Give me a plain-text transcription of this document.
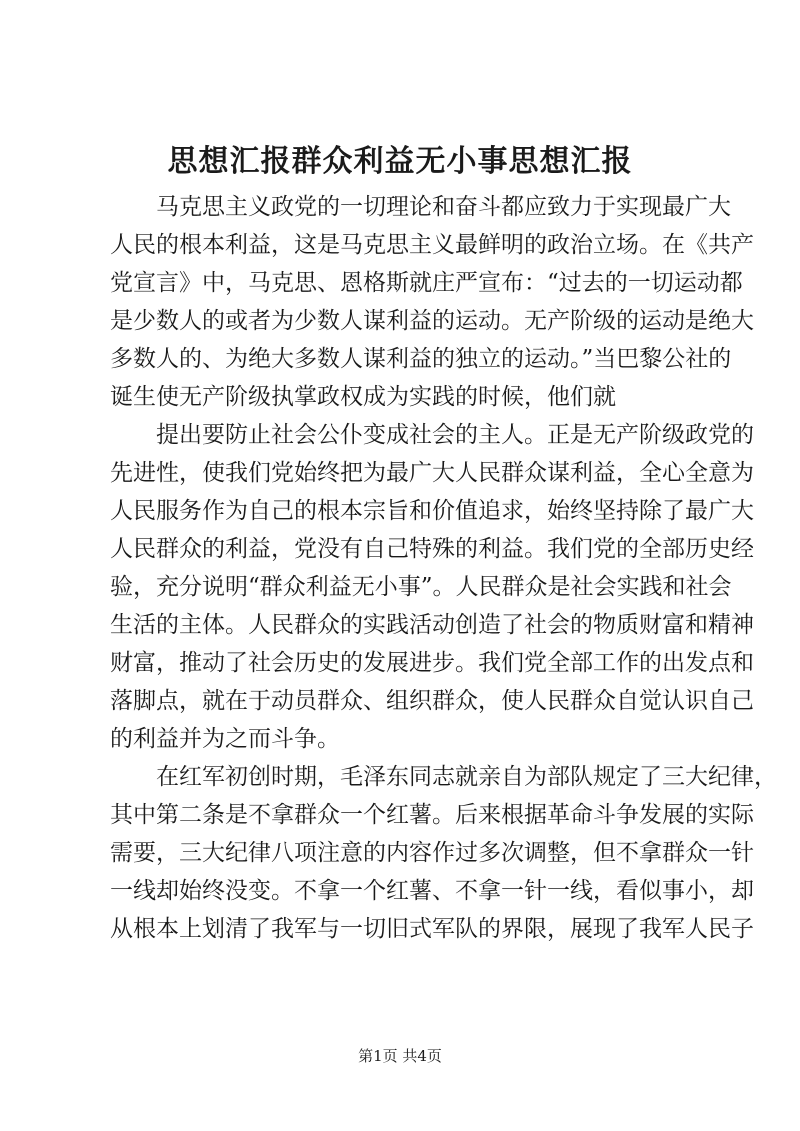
思想汇报群众利益无小事思想汇报
马克思主义政党的一切理论和奋斗都应致力于实现最广大
人民的根本利益，这是马克思主义最鲜明的政治立场。在《共产
党宣言》中，马克思、恩格斯就庄严宣布：“过去的一切运动都
是少数人的或者为少数人谋利益的运动。无产阶级的运动是绝大
多数人的、为绝大多数人谋利益的独立的运动。”当巴黎公社的
诞生使无产阶级执掌政权成为实践的时候，他们就
提出要防止社会公仆变成社会的主人。正是无产阶级政党的
先进性，使我们党始终把为最广大人民群众谋利益，全心全意为
人民服务作为自己的根本宗旨和价值追求，始终坚持除了最广大
人民群众的利益，党没有自己特殊的利益。我们党的全部历史经
验，充分说明“群众利益无小事”。人民群众是社会实践和社会
生活的主体。人民群众的实践活动创造了社会的物质财富和精神
财富，推动了社会历史的发展进步。我们党全部工作的出发点和
落脚点，就在于动员群众、组织群众，使人民群众自觉认识自己
的利益并为之而斗争。
在红军初创时期，毛泽东同志就亲自为部队规定了三大纪律，
其中第二条是不拿群众一个红薯。后来根据革命斗争发展的实际
需要，三大纪律八项注意的内容作过多次调整，但不拿群众一针
一线却始终没变。不拿一个红薯、不拿一针一线，看似事小，却
从根本上划清了我军与一切旧式军队的界限，展现了我军人民子
第1页 共4页
